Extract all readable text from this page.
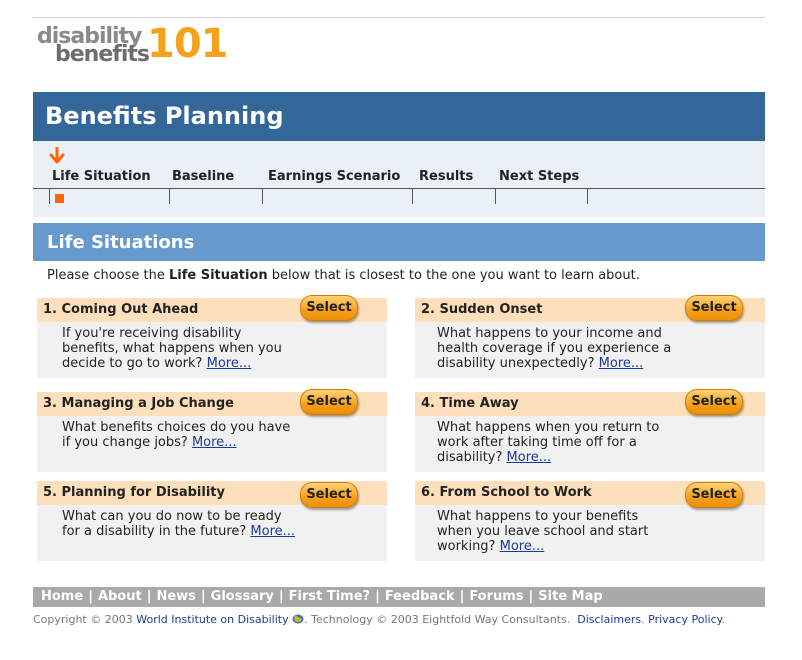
disability
benefits
101
Benefits Planning
Life Situation Baseline	Earnings Scenario Results Next Steps
Life Situations
Please choose the Life Situation below that is closest to the one you want to learn about.
1. Coming Out Ahead	Select
If you're receiving disability benefits, what happens when you decide to go to work? More...
2. Sudden Onset	Select
What happens to your income and health coverage if you experience a disability unexpectedly? More...
3. Managing a Job Change	Select
What benefits choices do you have if you change jobs? More...
4. Time Away	Select
What happens when you return to work after taking time off for a disability? More...
5. Planning for Disability	Select
What can you do now to be ready for a disability in the future? More...
6. From School to Work	Select
What happens to your benefits when you leave school and start working? More...
Home | About | News | Glossary | First Time? | Feedback | Forums | Site Map
Copyright © 2003 World Institute on Disability . Technology © 2003 Eightfold Way Consultants. Disclaimers. Privacy Policy.
